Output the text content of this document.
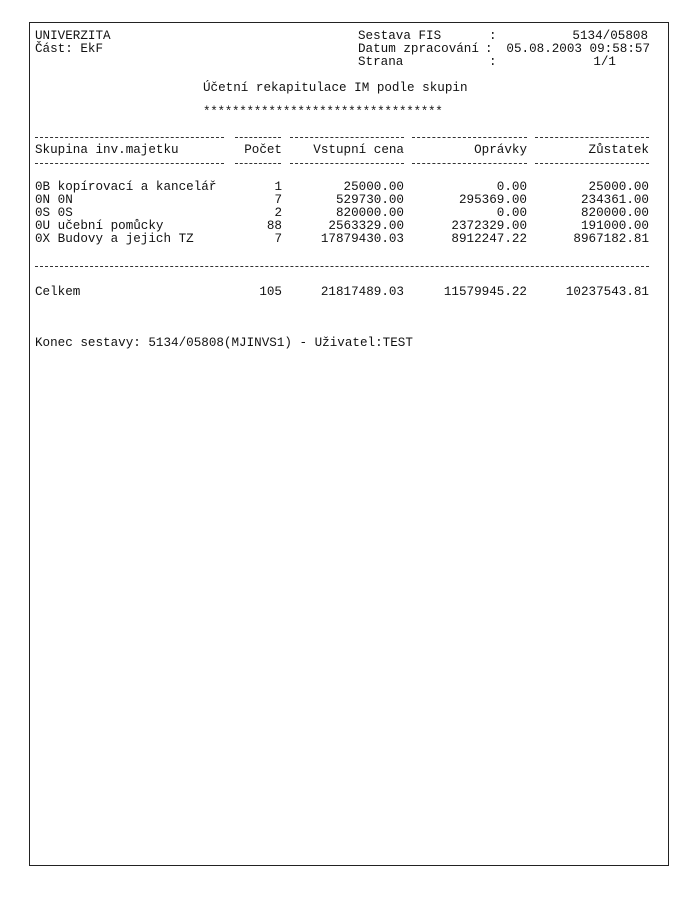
UNIVERZITA
Část: EkF
Sestava FIS	:	5134/05808
Datum zpracování :	05.08.2003 09:58:57
Strana	:	1/1
Účetní rekapitulace IM podle skupin
*********************************
Skupina inv.majetku	Počet	Vstupní cena	Oprávky	Zůstatek
0B kopírovací a kancelář	1	25000.00	0.00	25000.00
0N 0N	7	529730.00	295369.00	234361.00
0S 0S	2	820000.00	0.00	820000.00
0U učební pomůcky	88	2563329.00	2372329.00	191000.00
0X Budovy a jejich TZ	7	17879430.03	8912247.22	8967182.81
Celkem	105	21817489.03	11579945.22	10237543.81
Konec sestavy: 5134/05808(MJINVS1) - Uživatel:TEST
